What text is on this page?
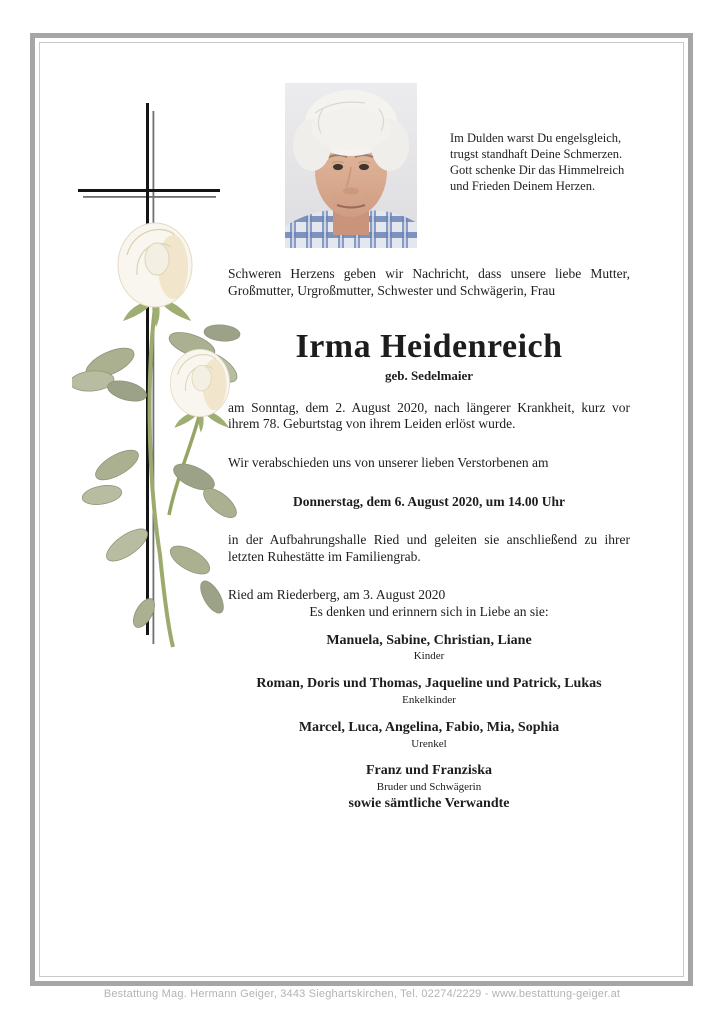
Im Dulden warst Du engelsgleich,
trugst standhaft Deine Schmerzen.
Gott schenke Dir das Himmelreich
und Frieden Deinem Herzen.

Schweren Herzens geben wir Nachricht, dass unsere liebe Mutter, Großmutter, Urgroßmutter, Schwester und Schwägerin, Frau

Irma Heidenreich
geb. Sedelmaier

am Sonntag, dem 2. August 2020, nach längerer Krankheit, kurz vor ihrem 78. Geburtstag von ihrem Leiden erlöst wurde.

Wir verabschieden uns von unserer lieben Verstorbenen am

Donnerstag, dem 6. August 2020, um 14.00 Uhr

in der Aufbahrungshalle Ried und geleiten sie anschließend zu ihrer letzten Ruhestätte im Familiengrab.

Ried am Riederberg, am 3. August 2020

Es denken und erinnern sich in Liebe an sie:

Manuela, Sabine, Christian, Liane
Kinder
Roman, Doris und Thomas, Jaqueline und Patrick, Lukas
Enkelkinder
Marcel, Luca, Angelina, Fabio, Mia, Sophia
Urenkel
Franz und Franziska
Bruder und Schwägerin

sowie sämtliche Verwandte

Bestattung Mag. Hermann Geiger, 3443 Sieghartskirchen, Tel. 02274/2229 - www.bestattung-geiger.at
